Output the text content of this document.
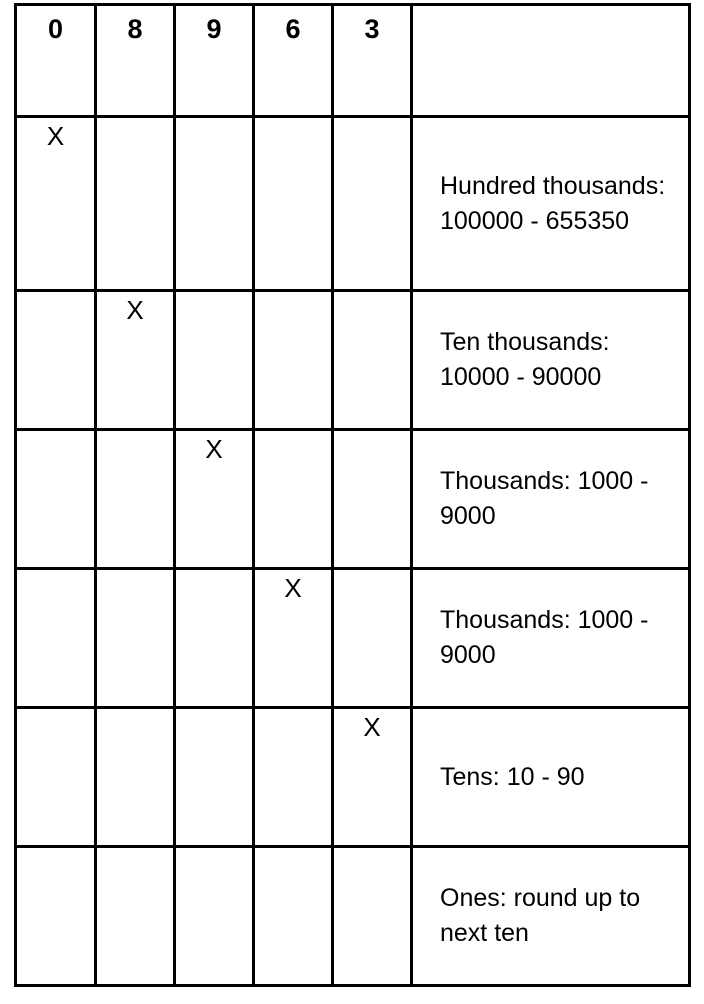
0	8	9	6	3	

X					Hundred thousands: 100000 - 655350

	X				Ten thousands: 10000 - 90000

		X			Thousands: 1000 - 9000

			X		Thousands: 1000 - 9000

				X	Tens: 10 - 90
					Ones: round up to next ten
